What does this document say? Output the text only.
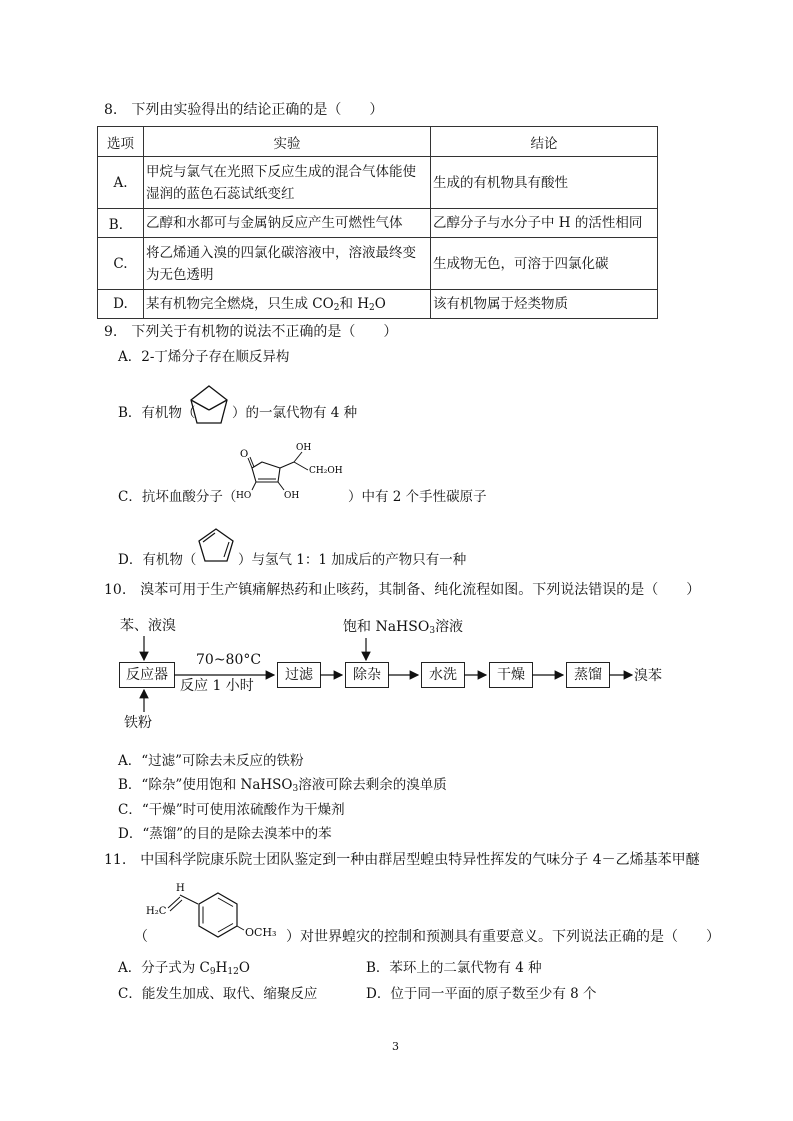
8.　下列由实验得出的结论正确的是（　　）
选项	实验	结论
A.	甲烷与氯气在光照下反应生成的混合气体能使湿润的蓝色石蕊试纸变红	生成的有机物具有酸性
B．	乙醇和水都可与金属钠反应产生可燃性气体	乙醇分子与水分子中 H 的活性相同
C.	将乙烯通入溴的四氯化碳溶液中，溶液最终变为无色透明	生成物无色，可溶于四氯化碳
D.	某有机物完全燃烧，只生成 $CO_2$和 $H_2O$	该有机物属于烃类物质
9.　下列关于有机物的说法不正确的是（　　）
A．2-丁烯分子存在顺反异构
B．有机物（	）的一氯代物有 4 种
C．抗坏血酸分子（
O
OH
CH₂OH
HO	OH	）中有 2 个手性碳原子
D．有机物（	）与氢气 1：1 加成后的产物只有一种
10.　溴苯可用于生产镇痛解热药和止咳药，其制备、纯化流程如图。下列说法错误的是（　　）
苯、液溴
反应器
铁粉
70~80°C
反应 1 小时
过滤
饱和 NaHSO$_3$溶液
除杂	水洗	干燥	蒸馏	溴苯
A．“过滤”可除去未反应的铁粉
B．“除杂”使用饱和 NaHSO$_3$溶液可除去剩余的溴单质
C．“干燥”时可使用浓硫酸作为干燥剂
D．“蒸馏”的目的是除去溴苯中的苯
11.　中国科学院康乐院士团队鉴定到一种由群居型蝗虫特异性挥发的气味分子 4－乙烯基苯甲醚
H
H₂C
OCH₃
（	）对世界蝗灾的控制和预测具有重要意义。下列说法正确的是（　　）
A．分子式为 $C_9H_{12}O$	B．苯环上的二氯代物有 4 种
C．能发生加成、取代、缩聚反应	D．位于同一平面的原子数至少有 8 个
3
